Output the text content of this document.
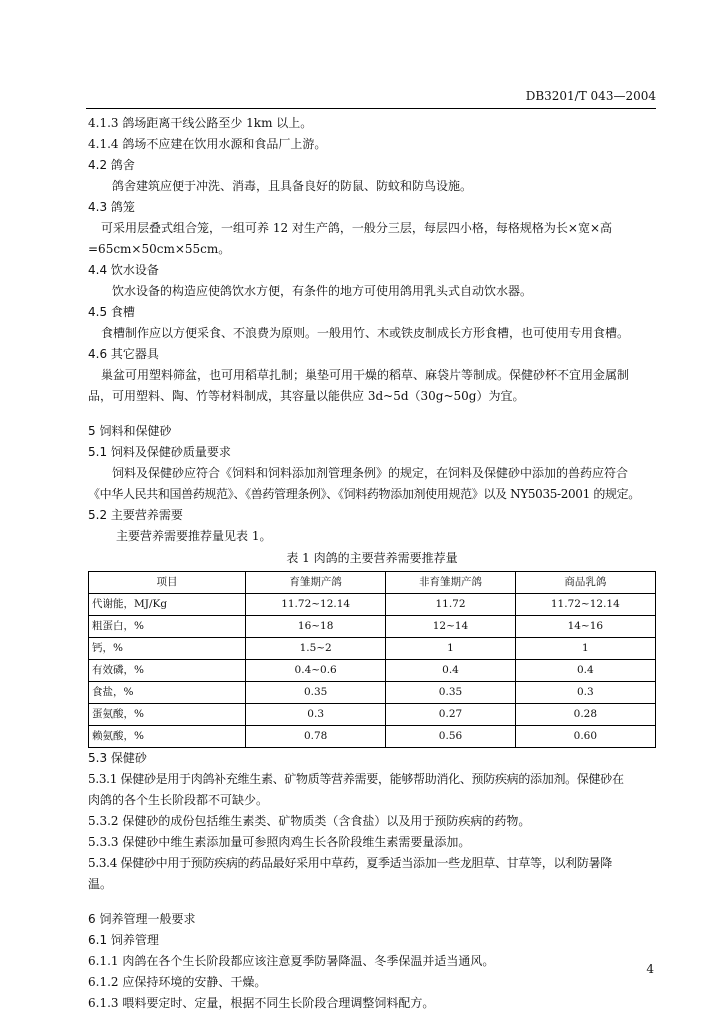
DB3201/T 043—2004
4.1.3 鸽场距离干线公路至少 1km 以上。
4.1.4 鸽场不应建在饮用水源和食品厂上游。
4.2 鸽舍
鸽舍建筑应便于冲洗、消毒，且具备良好的防鼠、防蚊和防鸟设施。
4.3 鸽笼
可采用层叠式组合笼，一组可养 12 对生产鸽，一般分三层，每层四小格，每格规格为长×宽×高
=65cm×50cm×55cm。
4.4 饮水设备
饮水设备的构造应使鸽饮水方便，有条件的地方可使用鸽用乳头式自动饮水器。
4.5 食槽
食槽制作应以方便采食、不浪费为原则。一般用竹、木或铁皮制成长方形食槽，也可使用专用食槽。
4.6 其它器具
巢盆可用塑料筛盆，也可用稻草扎制；巢垫可用干燥的稻草、麻袋片等制成。保健砂杯不宜用金属制
品，可用塑料、陶、竹等材料制成，其容量以能供应 3d~5d（30g~50g）为宜。
5 饲料和保健砂
5.1 饲料及保健砂质量要求
饲料及保健砂应符合《饲料和饲料添加剂管理条例》的规定，在饲料及保健砂中添加的兽药应符合
《中华人民共和国兽药规范》、《兽药管理条例》、《饲料药物添加剂使用规范》以及 NY5035-2001 的规定。
5.2 主要营养需要
主要营养需要推荐量见表 1。
表 1 肉鸽的主要营养需要推荐量
项目	育雏期产鸽	非育雏期产鸽	商品乳鸽
代谢能，MJ/Kg	11.72~12.14	11.72	11.72~12.14
粗蛋白，%	16~18	12~14	14~16
钙，%	1.5~2	1	1
有效磷，%	0.4~0.6	0.4	0.4
食盐，%	0.35	0.35	0.3
蛋氨酸，%	0.3	0.27	0.28
赖氨酸，%	0.78	0.56	0.60
5.3 保健砂
5.3.1 保健砂是用于肉鸽补充维生素、矿物质等营养需要，能够帮助消化、预防疾病的添加剂。保健砂在
肉鸽的各个生长阶段都不可缺少。
5.3.2 保健砂的成份包括维生素类、矿物质类（含食盐）以及用于预防疾病的药物。
5.3.3 保健砂中维生素添加量可参照肉鸡生长各阶段维生素需要量添加。
5.3.4 保健砂中用于预防疾病的药品最好采用中草药，夏季适当添加一些龙胆草、甘草等，以利防暑降
温。
6 饲养管理一般要求
6.1 饲养管理
6.1.1 肉鸽在各个生长阶段都应该注意夏季防暑降温、冬季保温并适当通风。
6.1.2 应保持环境的安静、干燥。
6.1.3 喂料要定时、定量，根据不同生长阶段合理调整饲料配方。
4
